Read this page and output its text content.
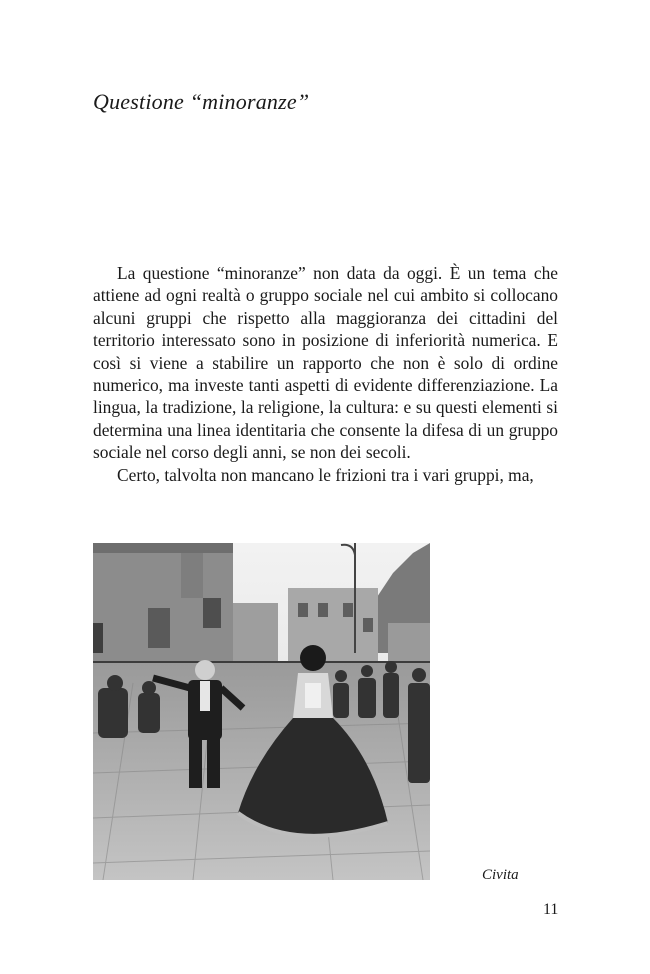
Questione “minoranze”

La questione “minoranze” non data da oggi. È un tema che attiene ad ogni realtà o gruppo sociale nel cui ambito si collocano alcuni gruppi che rispetto alla maggioranza dei cittadini del territorio interessato sono in posizione di inferiorità numerica. E così si viene a stabilire un rapporto che non è solo di ordine numerico, ma investe tanti aspetti di evidente differenziazione. La lingua, la tradizione, la religione, la cultura: e su questi elementi si determina una linea identitaria che consente la difesa di un gruppo sociale nel corso degli anni, se non dei secoli.

Certo, talvolta non mancano le frizioni tra i vari gruppi, ma,

Civita
11
